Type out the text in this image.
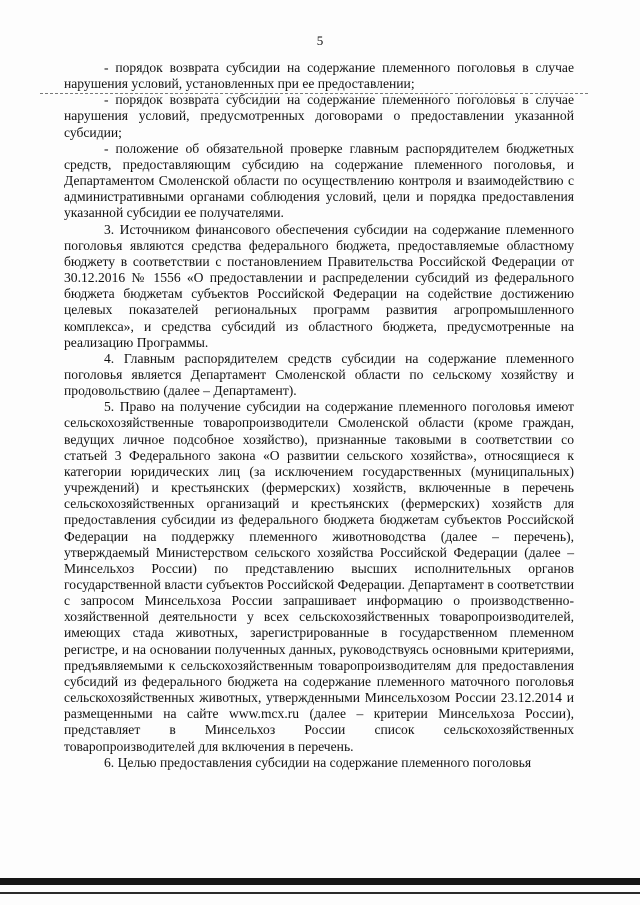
5

- порядок возврата субсидии на содержание племенного поголовья в случае нарушения условий, установленных при ее предоставлении;

- порядок возврата субсидии на содержание племенного поголовья в случае нарушения условий, предусмотренных договорами о предоставлении указанной субсидии;

- положение об обязательной проверке главным распорядителем бюджетных средств, предоставляющим субсидию на содержание племенного поголовья, и Департаментом Смоленской области по осуществлению контроля и взаимодействию с административными органами соблюдения условий, цели и порядка предоставления указанной субсидии ее получателями.

3. Источником финансового обеспечения субсидии на содержание племенного поголовья являются средства федерального бюджета, предоставляемые областному бюджету в соответствии с постановлением Правительства Российской Федерации от 30.12.2016 № 1556 «О предоставлении и распределении субсидий из федерального бюджета бюджетам субъектов Российской Федерации на содействие достижению целевых показателей региональных программ развития агропромышленного комплекса», и средства субсидий из областного бюджета, предусмотренные на реализацию Программы.

4. Главным распорядителем средств субсидии на содержание племенного поголовья является Департамент Смоленской области по сельскому хозяйству и продовольствию (далее – Департамент).

5. Право на получение субсидии на содержание племенного поголовья имеют сельскохозяйственные товаропроизводители Смоленской области (кроме граждан, ведущих личное подсобное хозяйство), признанные таковыми в соответствии со статьей 3 Федерального закона «О развитии сельского хозяйства», относящиеся к категории юридических лиц (за исключением государственных (муниципальных) учреждений) и крестьянских (фермерских) хозяйств, включенные в перечень сельскохозяйственных организаций и крестьянских (фермерских) хозяйств для предоставления субсидии из федерального бюджета бюджетам субъектов Российской Федерации на поддержку племенного животноводства (далее – перечень), утверждаемый Министерством сельского хозяйства Российской Федерации (далее – Минсельхоз России) по представлению высших исполнительных органов государственной власти субъектов Российской Федерации. Департамент в соответствии с запросом Минсельхоза России запрашивает информацию о производственно-хозяйственной деятельности у всех сельскохозяйственных товаропроизводителей, имеющих стада животных, зарегистрированные в государственном племенном регистре, и на основании полученных данных, руководствуясь основными критериями, предъявляемыми к сельскохозяйственным товаропроизводителям для предоставления субсидий из федерального бюджета на содержание племенного маточного поголовья сельскохозяйственных животных, утвержденными Минсельхозом России 23.12.2014 и размещенными на сайте www.mcx.ru (далее – критерии Минсельхоза России), представляет в Минсельхоз России список сельскохозяйственных товаропроизводителей для включения в перечень.

6. Целью предоставления субсидии на содержание племенного поголовья
